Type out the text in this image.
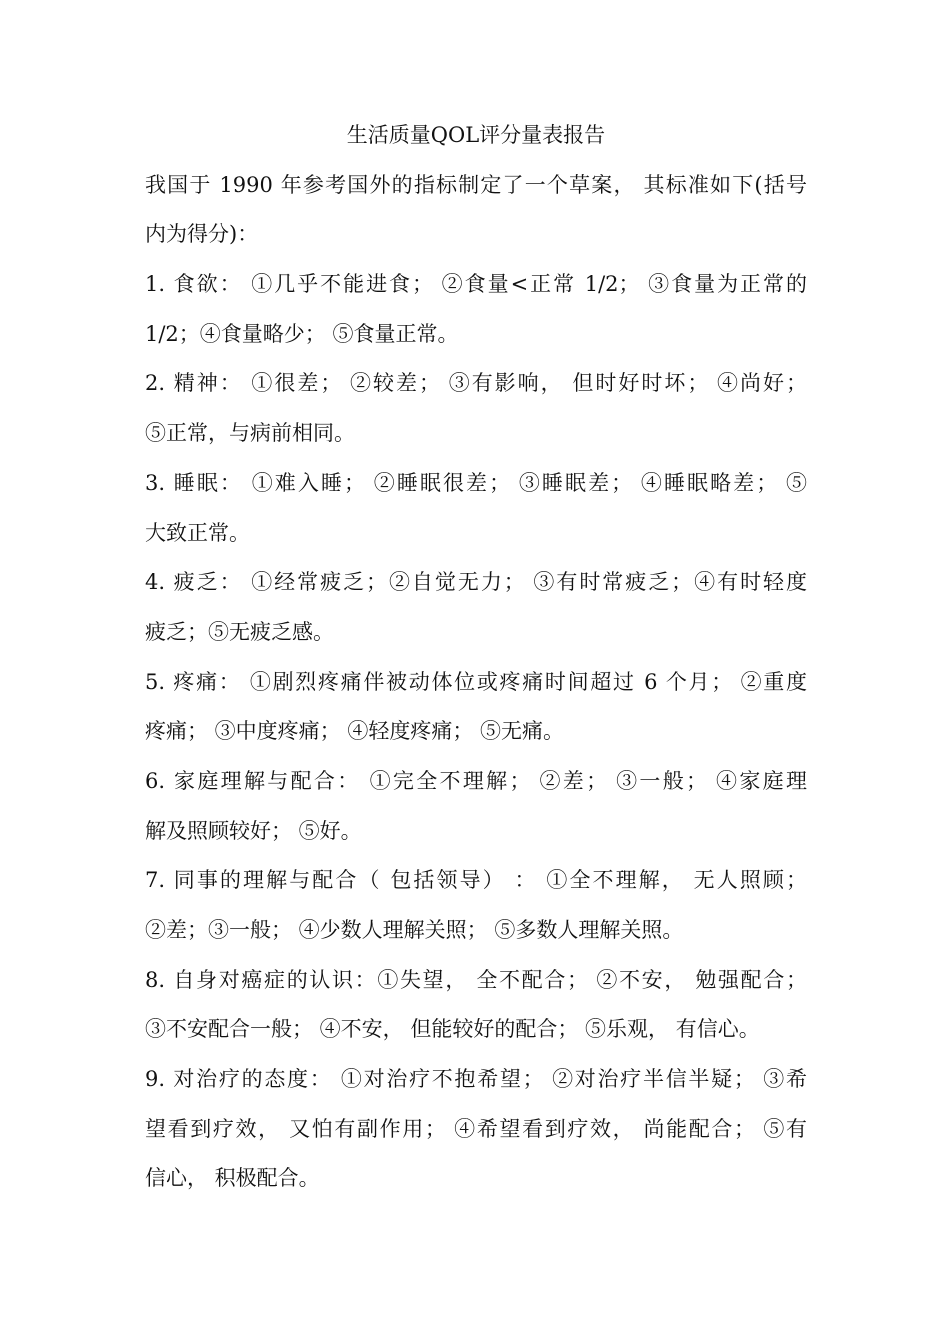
生活质量QOL评分量表报告
我国于 1990 年参考国外的指标制定了一个草案， 其标准如下(括号
内为得分)：
1. 食欲： ①几乎不能进食； ②食量<正常 1/2； ③食量为正常的
1/2；④食量略少； ⑤食量正常。
2. 精神： ①很差； ②较差； ③有影响， 但时好时坏； ④尚好；
⑤正常，与病前相同。
3. 睡眠： ①难入睡； ②睡眠很差； ③睡眠差； ④睡眠略差； ⑤
大致正常。
4. 疲乏： ①经常疲乏；②自觉无力； ③有时常疲乏；④有时轻度
疲乏；⑤无疲乏感。
5. 疼痛： ①剧烈疼痛伴被动体位或疼痛时间超过 6 个月； ②重度
疼痛； ③中度疼痛； ④轻度疼痛； ⑤无痛。
6. 家庭理解与配合： ①完全不理解； ②差； ③一般； ④家庭理
解及照顾较好； ⑤好。
7. 同事的理解与配合（ 包括领导） ： ①全不理解， 无人照顾；
②差；③一般； ④少数人理解关照； ⑤多数人理解关照。
8. 自身对癌症的认识：①失望， 全不配合； ②不安， 勉强配合；
③不安配合一般； ④不安， 但能较好的配合； ⑤乐观， 有信心。
9. 对治疗的态度： ①对治疗不抱希望； ②对治疗半信半疑； ③希
望看到疗效， 又怕有副作用； ④希望看到疗效， 尚能配合； ⑤有
信心， 积极配合。
